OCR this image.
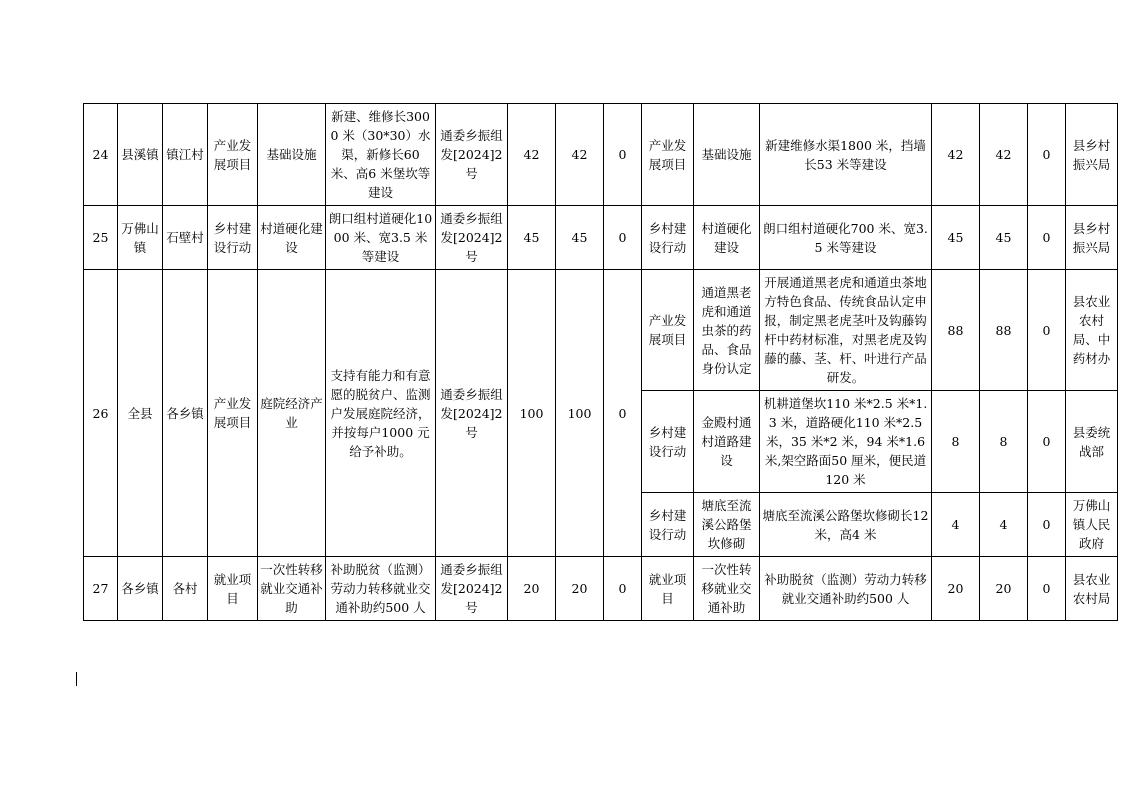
24	县溪镇	镇江村	产业发展项目	基础设施	新建、维修长3000 米（30*30）水渠，新修长60 米、高6 米堡坎等建设	通委乡振组发[2024]2 号	42	42	0	产业发展项目	基础设施	新建维修水渠1800 米，挡墙长53 米等建设	42	42	0	县乡村振兴局
25	万佛山镇	石壁村	乡村建设行动	村道硬化建设	朗口组村道硬化1000 米、宽3.5 米等建设	通委乡振组发[2024]2 号	45	45	0	乡村建设行动	村道硬化建设	朗口组村道硬化700 米、宽3.5 米等建设	45	45	0	县乡村振兴局
26	全县	各乡镇	产业发展项目	庭院经济产业	支持有能力和有意愿的脱贫户、监测户发展庭院经济，并按每户1000 元给予补助。	通委乡振组发[2024]2 号	100	100	0	产业发展项目	通道黑老虎和通道虫茶的药品、食品身份认定	开展通道黑老虎和通道虫茶地方特色食品、传统食品认定申报，制定黑老虎茎叶及钩藤钩杆中药材标准，对黑老虎及钩藤的藤、茎、杆、叶进行产品研发。	88	88	0	县农业农村局、中药材办
										乡村建设行动	金殿村通村道路建设	机耕道堡坎110 米*2.5 米*1.3 米，道路硬化110 米*2.5 米，35 米*2 米，94 米*1.6 米,架空路面50 厘米，便民道120 米	8	8	0	县委统战部
										乡村建设行动	塘底至流溪公路堡坎修砌	塘底至流溪公路堡坎修砌长12 米，高4 米	4	4	0	万佛山镇人民政府
27	各乡镇	各村	就业项目	一次性转移就业交通补助	补助脱贫（监测）劳动力转移就业交通补助约500 人	通委乡振组发[2024]2 号	20	20	0	就业项目	一次性转移就业交通补助	补助脱贫（监测）劳动力转移就业交通补助约500 人	20	20	0	县农业农村局
